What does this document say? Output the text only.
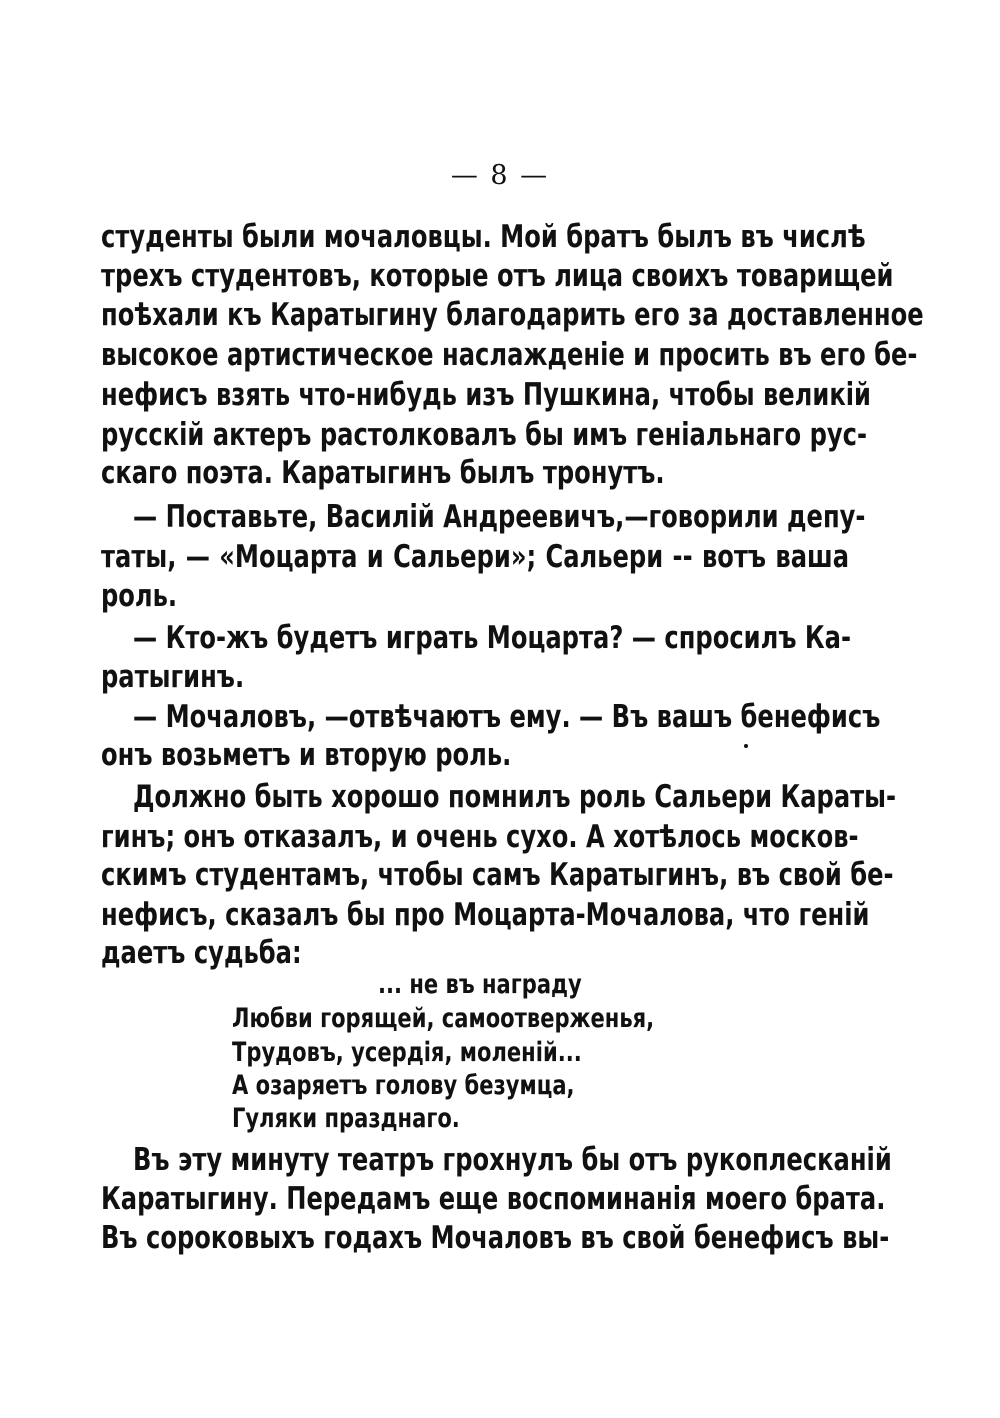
— 8 —
студенты были мочаловцы. Мой братъ былъ въ числѣ
трехъ студентовъ, которые отъ лица своихъ товарищей
поѣхали къ Каратыгину благодарить его за доставленное
высокое артистическое наслажденіе и просить въ его бе-
нефисъ взять что-нибудь изъ Пушкина, чтобы великій
русскій актеръ растолковалъ бы имъ геніальнаго рус-
скаго поэта. Каратыгинъ былъ тронутъ.
— Поставьте, Василій Андреевичъ,—говорили депу-
таты, — «Моцарта и Сальери»; Сальери -- вотъ ваша
роль.
— Кто-жъ будетъ играть Моцарта? — спросилъ Ка-
ратыгинъ.
— Мочаловъ, —отвѣчаютъ ему. — Въ вашъ бенефисъ
онъ возьметъ и вторую роль.
Должно быть хорошо помнилъ роль Сальери Караты-
гинъ; онъ отказалъ, и очень сухо. А хотѣлось москов-
скимъ студентамъ, чтобы самъ Каратыгинъ, въ свой бе-
нефисъ, сказалъ бы про Моцарта-Мочалова, что геній
даетъ судьба:
... не въ награду
Любви горящей, самоотверженья,
Трудовъ, усердія, моленій...
А озаряетъ голову безумца,
Гуляки празднаго.
Въ эту минуту театръ грохнулъ бы отъ рукоплесканій
Каратыгину. Передамъ еще воспоминанія моего брата.
Въ сороковыхъ годахъ Мочаловъ въ свой бенефисъ вы-
